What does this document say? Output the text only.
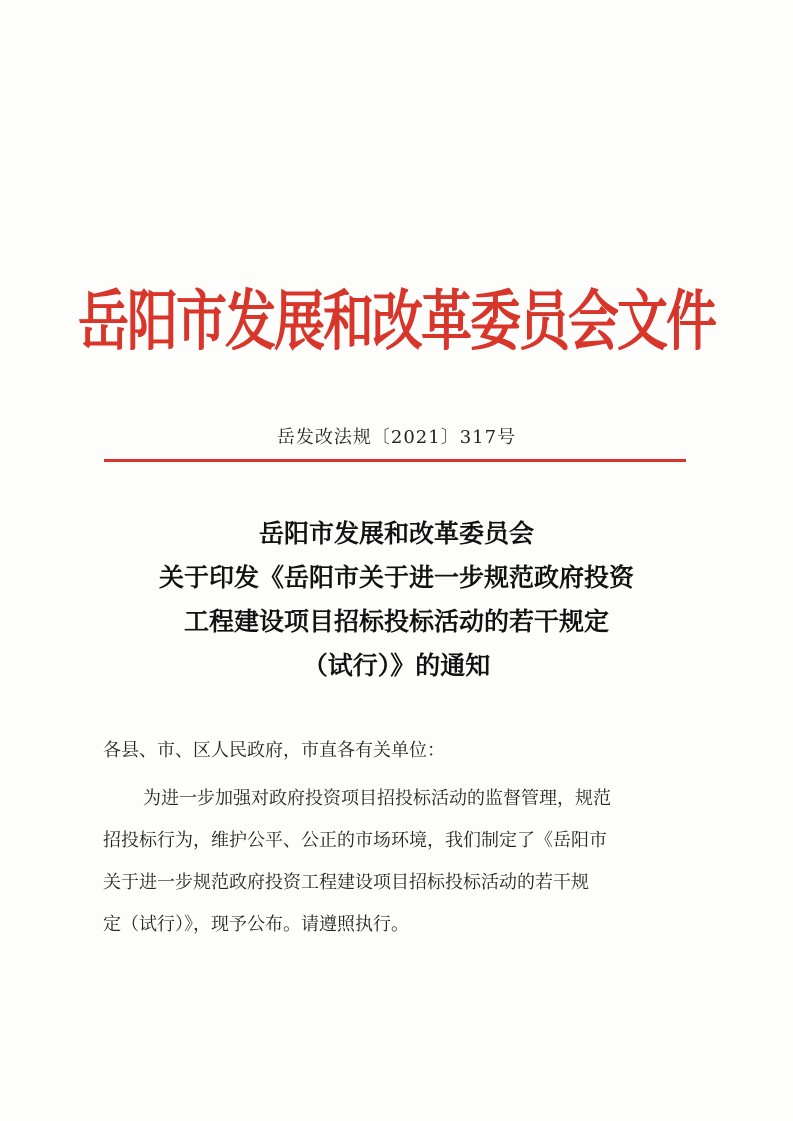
岳阳市发展和改革委员会文件
岳发改法规〔2021〕317号
岳阳市发展和改革委员会
关于印发《岳阳市关于进一步规范政府投资
工程建设项目招标投标活动的若干规定
（试行）》的通知
各县、市、区人民政府，市直各有关单位：
为进一步加强对政府投资项目招投标活动的监督管理，规范
招投标行为，维护公平、公正的市场环境，我们制定了《岳阳市
关于进一步规范政府投资工程建设项目招标投标活动的若干规
定（试行）》，现予公布。请遵照执行。
